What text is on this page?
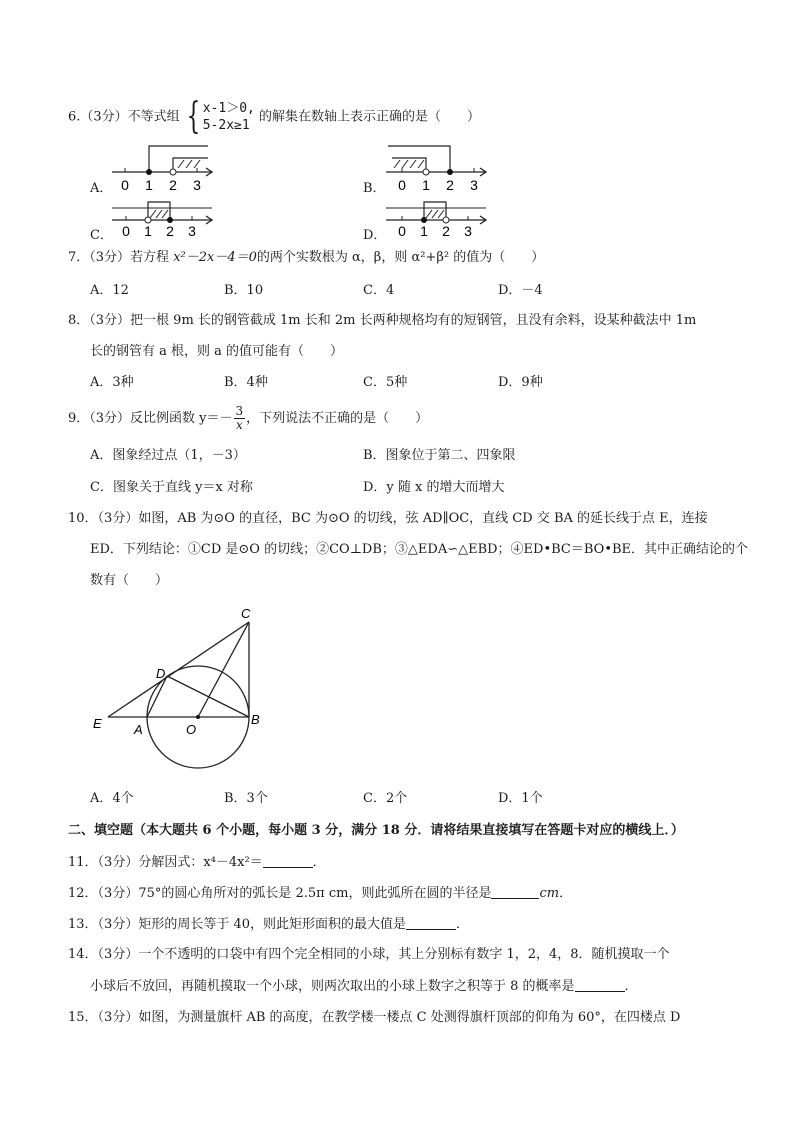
6.（3分）不等式组 { x-1＞0,
5-2x≥1
的解集在数轴上表示正确的是（　　）
A． 0 1 2 3	B． 0 1 2 3
C． 0 1 2 3	D． 0 1 2 3
7．（3分）若方程 x²－2x－4＝0的两个实数根为 α，β，则 α²+β² 的值为（　　）
A．12	B．10	C．4	D．－4
8．（3分）把一根 9m 长的钢管截成 1m 长和 2m 长两种规格均有的短钢管，且没有余料，设某种截法中 1m
长的钢管有 a 根，则 a 的值可能有（　　）
A．3种	B．4种	C．5种	D．9种
9．（3分）反比例函数 $y=- \frac{3}{x}$ ，下列说法不正确的是（　　）
A．图象经过点（1，－3）	B．图象位于第二、四象限
C．图象关于直线 y＝x 对称	D．y 随 x 的增大而增大
10．（3分）如图，AB 为⊙O 的直径，BC 为⊙O 的切线，弦 AD∥OC，直线 CD 交 BA 的延长线于点 E，连接
ED．下列结论：①CD 是⊙O 的切线；②CO⊥DB；③△EDA∽△EBD；④ED•BC＝BO•BE．其中正确结论的个
数有（　　）
C
D
E A	O
B
A．4个	B．3个	C．2个	D．1个
二、填空题（本大题共 6 个小题，每小题 3 分，满分 18 分．请将结果直接填写在答题卡对应的横线上．）
11．（3分）分解因式：x⁴－4x²＝	．
12．（3分）75°的圆心角所对的弧长是 2.5π cm，则此弧所在圆的半径是	cm．
13．（3分）矩形的周长等于 40，则此矩形面积的最大值是	．
14．（3分）一个不透明的口袋中有四个完全相同的小球，其上分别标有数字 1，2，4，8．随机摸取一个
小球后不放回，再随机摸取一个小球，则两次取出的小球上数字之积等于 8 的概率是	．
15．（3分）如图，为测量旗杆 AB 的高度，在教学楼一楼点 C 处测得旗杆顶部的仰角为 60°，在四楼点 D
